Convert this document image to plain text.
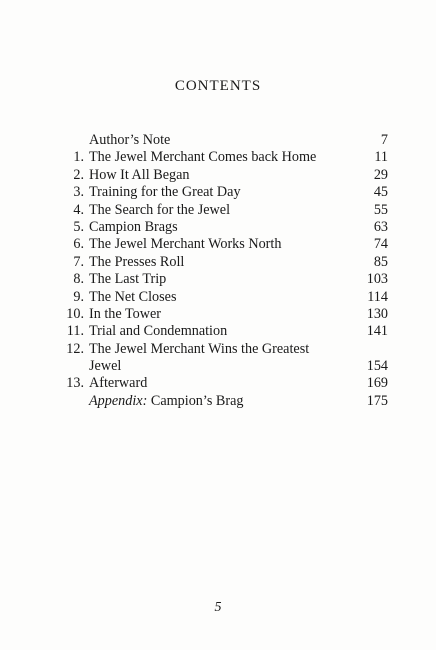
CONTENTS
Author’s Note	7
1. The Jewel Merchant Comes back Home	11
2. How It All Began	29
3. Training for the Great Day	45
4. The Search for the Jewel	55
5. Campion Brags	63
6. The Jewel Merchant Works North	74
7. The Presses Roll	85
8. The Last Trip	103
9. The Net Closes	114
10. In the Tower	130
11. Trial and Condemnation	141
12. The Jewel Merchant Wins the Greatest Jewel	154
13. Afterward	169
Appendix: Campion’s Brag	175
5
